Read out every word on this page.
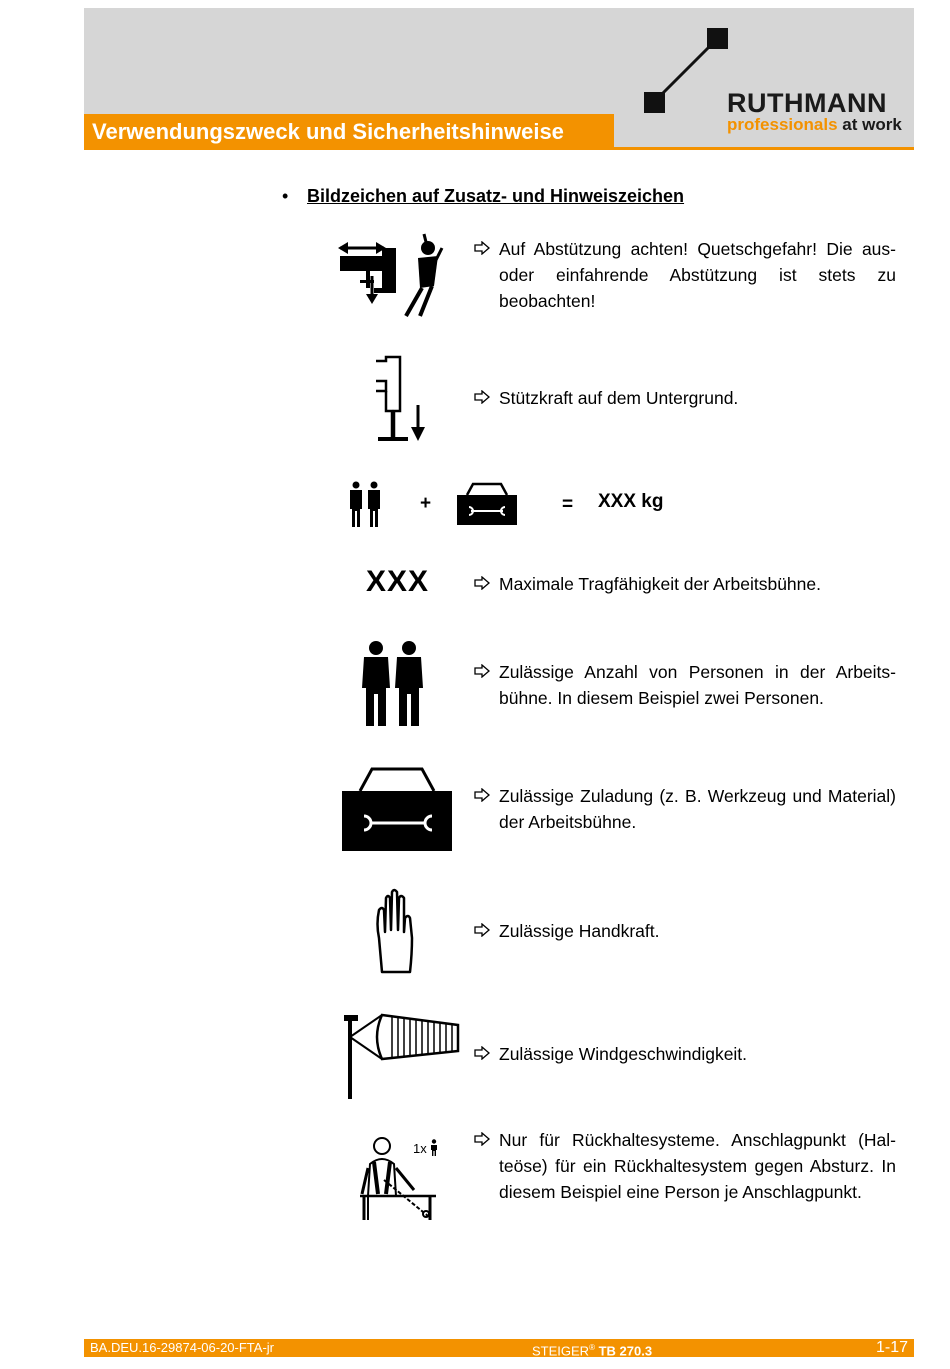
Verwendungszweck und Sicherheitshinweise
RUTHMANN
professionals at work
• Bildzeichen auf Zusatz- und Hinweiszeichen
+	= XXX kg
XXX
1x
Auf Abstützung achten! Quetschgefahr! Die aus- oder einfahrende Abstützung ist stets zu beobachten!
Stützkraft auf dem Untergrund.
Maximale Tragfähigkeit der Arbeitsbühne.
Zulässige Anzahl von Personen in der Arbeitsbühne. In diesem Beispiel zwei Personen.
Zulässige Zuladung (z. B. Werkzeug und Material) der Arbeitsbühne.
Zulässige Handkraft.
Zulässige Windgeschwindigkeit.
Nur für Rückhaltesysteme. Anschlagpunkt (Halteöse) für ein Rückhaltesystem gegen Absturz. In diesem Beispiel eine Person je Anschlagpunkt.
BA.DEU.16-29874-06-20-FTA-jr	STEIGER® TB 270.3	1-17
